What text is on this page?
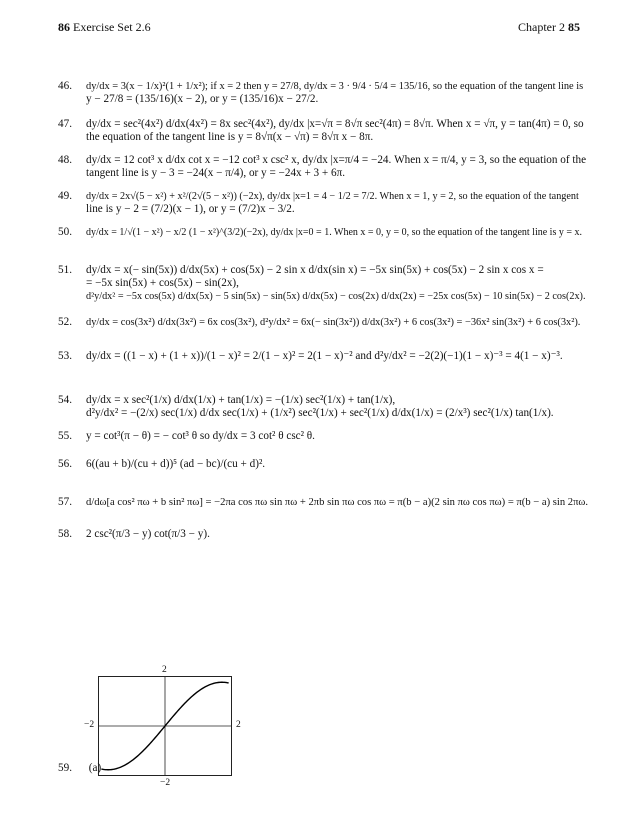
86 Exercise Set 2.6	Chapter 2 85
46.	dy/dx = 3(x − 1/x)²(1 + 1/x²); if x = 2 then y = 27/8, dy/dx = 3 · 9/4 · 5/4 = 135/16, so the equation of the tangent line is
y − 27/8 = (135/16)(x − 2), or y = (135/16)x − 27/2.
47.	dy/dx = sec²(4x²) d/dx(4x²) = 8x sec²(4x²), dy/dx |x=√π = 8√π sec²(4π) = 8√π. When x = √π, y = tan(4π) = 0, so
the equation of the tangent line is y = 8√π(x − √π) = 8√π x − 8π.
48.	dy/dx = 12 cot³ x d/dx cot x = −12 cot³ x csc² x, dy/dx |x=π/4 = −24. When x = π/4, y = 3, so the equation of the
tangent line is y − 3 = −24(x − π/4), or y = −24x + 3 + 6π.
49.	dy/dx = 2x√(5 − x²) + x²/(2√(5 − x²)) (−2x), dy/dx |x=1 = 4 − 1/2 = 7/2. When x = 1, y = 2, so the equation of the tangent
line is y − 2 = (7/2)(x − 1), or y = (7/2)x − 3/2.
50.	dy/dx = 1/√(1 − x²) − x/2 (1 − x²)^(3/2)(−2x), dy/dx |x=0 = 1. When x = 0, y = 0, so the equation of the tangent line is y = x.
51.	dy/dx = x(− sin(5x)) d/dx(5x) + cos(5x) − 2 sin x d/dx(sin x) = −5x sin(5x) + cos(5x) − 2 sin x cos x =
= −5x sin(5x) + cos(5x) − sin(2x),
d²y/dx² = −5x cos(5x) d/dx(5x) − 5 sin(5x) − sin(5x) d/dx(5x) − cos(2x) d/dx(2x) = −25x cos(5x) − 10 sin(5x) − 2 cos(2x).
52.	dy/dx = cos(3x²) d/dx(3x²) = 6x cos(3x²), d²y/dx² = 6x(− sin(3x²)) d/dx(3x²) + 6 cos(3x²) = −36x² sin(3x²) + 6 cos(3x²).
53.	dy/dx = ((1 − x) + (1 + x))/(1 − x)² = 2/(1 − x)² = 2(1 − x)⁻² and d²y/dx² = −2(2)(−1)(1 − x)⁻³ = 4(1 − x)⁻³.
54.	dy/dx = x sec²(1/x) d/dx(1/x) + tan(1/x) = −(1/x) sec²(1/x) + tan(1/x),
d²y/dx² = −(2/x) sec(1/x) d/dx sec(1/x) + (1/x²) sec²(1/x) + sec²(1/x) d/dx(1/x) = (2/x³) sec²(1/x) tan(1/x).
55.	y = cot³(π − θ) = − cot³ θ so dy/dx = 3 cot² θ csc² θ.
56.	6((au + b)/(cu + d))⁵ (ad − bc)/(cu + d)².
57.	d/dω[a cos² πω + b sin² πω] = −2πa cos πω sin πω + 2πb sin πω cos πω = π(b − a)(2 sin πω cos πω) = π(b − a) sin 2πω.
58.	2 csc²(π/3 − y) cot(π/3 − y).
2
−2
−2	2
59. (a)
